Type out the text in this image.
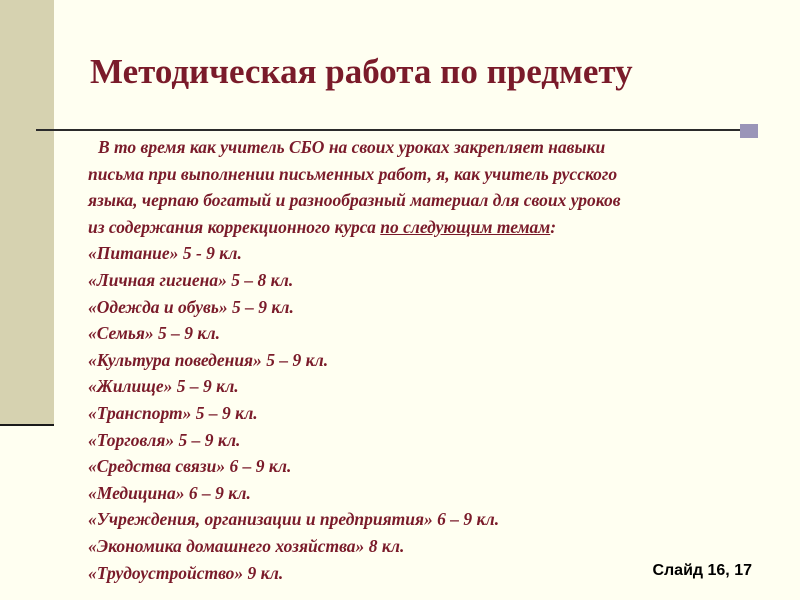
Методическая работа по предмету

В то время как учитель СБО на своих уроках закрепляет навыки
письма при выполнении письменных работ, я, как учитель русского
языка, черпаю богатый и разнообразный материал для своих уроков
из содержания коррекционного курса по следующим темам:

«Питание» 5 - 9 кл.
«Личная гигиена» 5 – 8 кл.
«Одежда и обувь» 5 – 9 кл.
«Семья» 5 – 9 кл.
«Культура поведения» 5 – 9 кл.
«Жилище» 5 – 9 кл.
«Транспорт» 5 – 9 кл.
«Торговля» 5 – 9 кл.
«Средства связи» 6 – 9 кл.
«Медицина» 6 – 9 кл.
«Учреждения, организации и предприятия» 6 – 9 кл.
«Экономика домашнего хозяйства» 8 кл.
«Трудоустройство» 9 кл.	Слайд 16, 17
